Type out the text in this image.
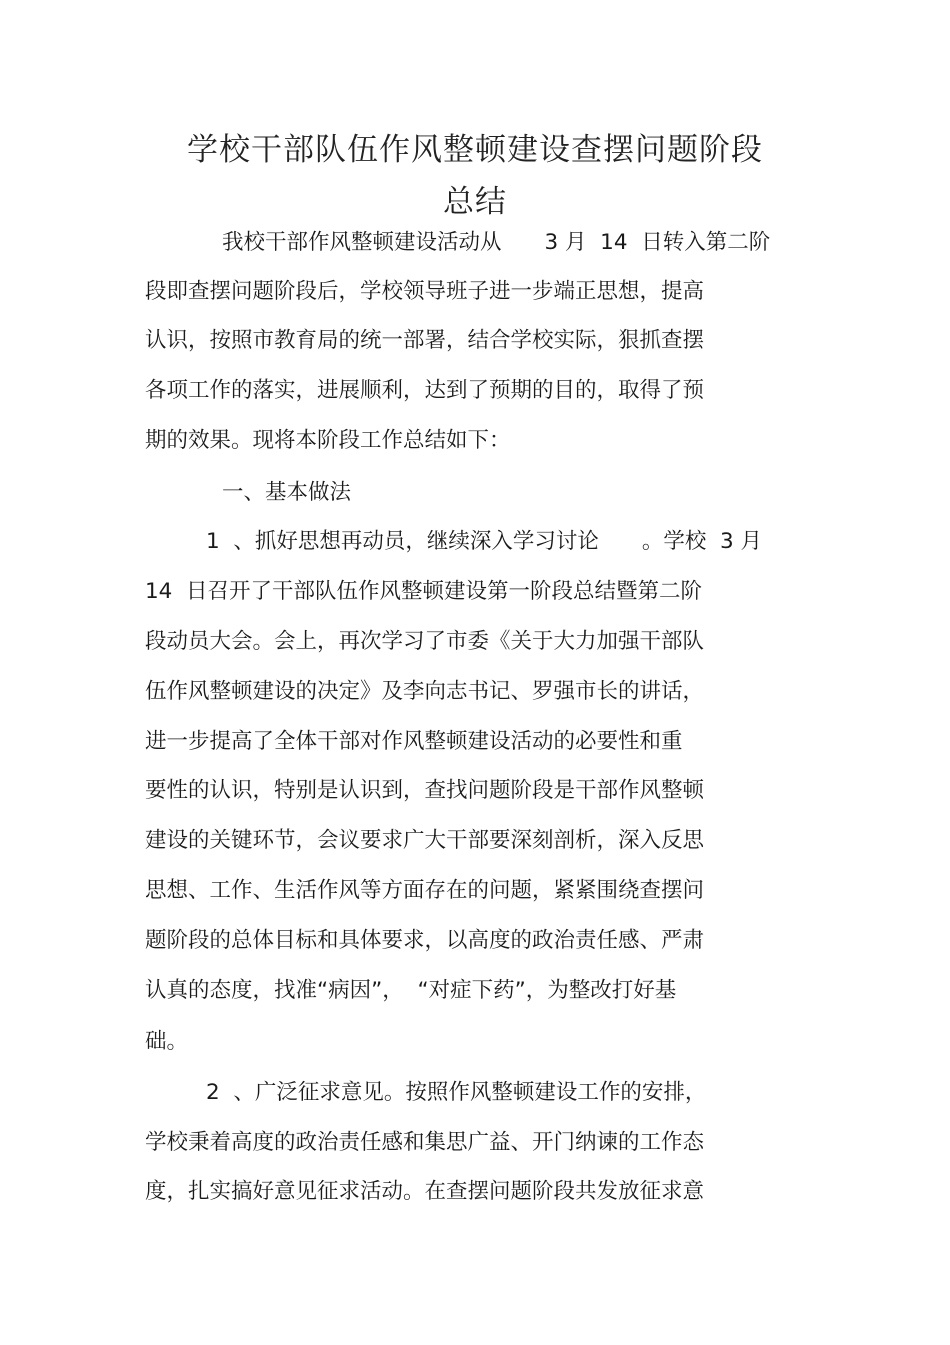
学校干部队伍作风整顿建设查摆问题阶段
总结
我校干部作风整顿建设活动从　　3 月  14  日转入第二阶
段即查摆问题阶段后，学校领导班子进一步端正思想，提高
认识，按照市教育局的统一部署，结合学校实际，狠抓查摆
各项工作的落实，进展顺利，达到了预期的目的，取得了预
期的效果。现将本阶段工作总结如下：
一、基本做法
1  、抓好思想再动员，继续深入学习讨论　　。学校  3 月
14  日召开了干部队伍作风整顿建设第一阶段总结暨第二阶
段动员大会。会上，再次学习了市委《关于大力加强干部队
伍作风整顿建设的决定》及李向志书记、罗强市长的讲话，
进一步提高了全体干部对作风整顿建设活动的必要性和重
要性的认识，特别是认识到，查找问题阶段是干部作风整顿
建设的关键环节，会议要求广大干部要深刻剖析，深入反思
思想、工作、生活作风等方面存在的问题，紧紧围绕查摆问
题阶段的总体目标和具体要求，以高度的政治责任感、严肃
认真的态度，找准“病因”，  “对症下药”，为整改打好基
础。
2  、广泛征求意见。按照作风整顿建设工作的安排，
学校秉着高度的政治责任感和集思广益、开门纳谏的工作态
度，扎实搞好意见征求活动。在查摆问题阶段共发放征求意
